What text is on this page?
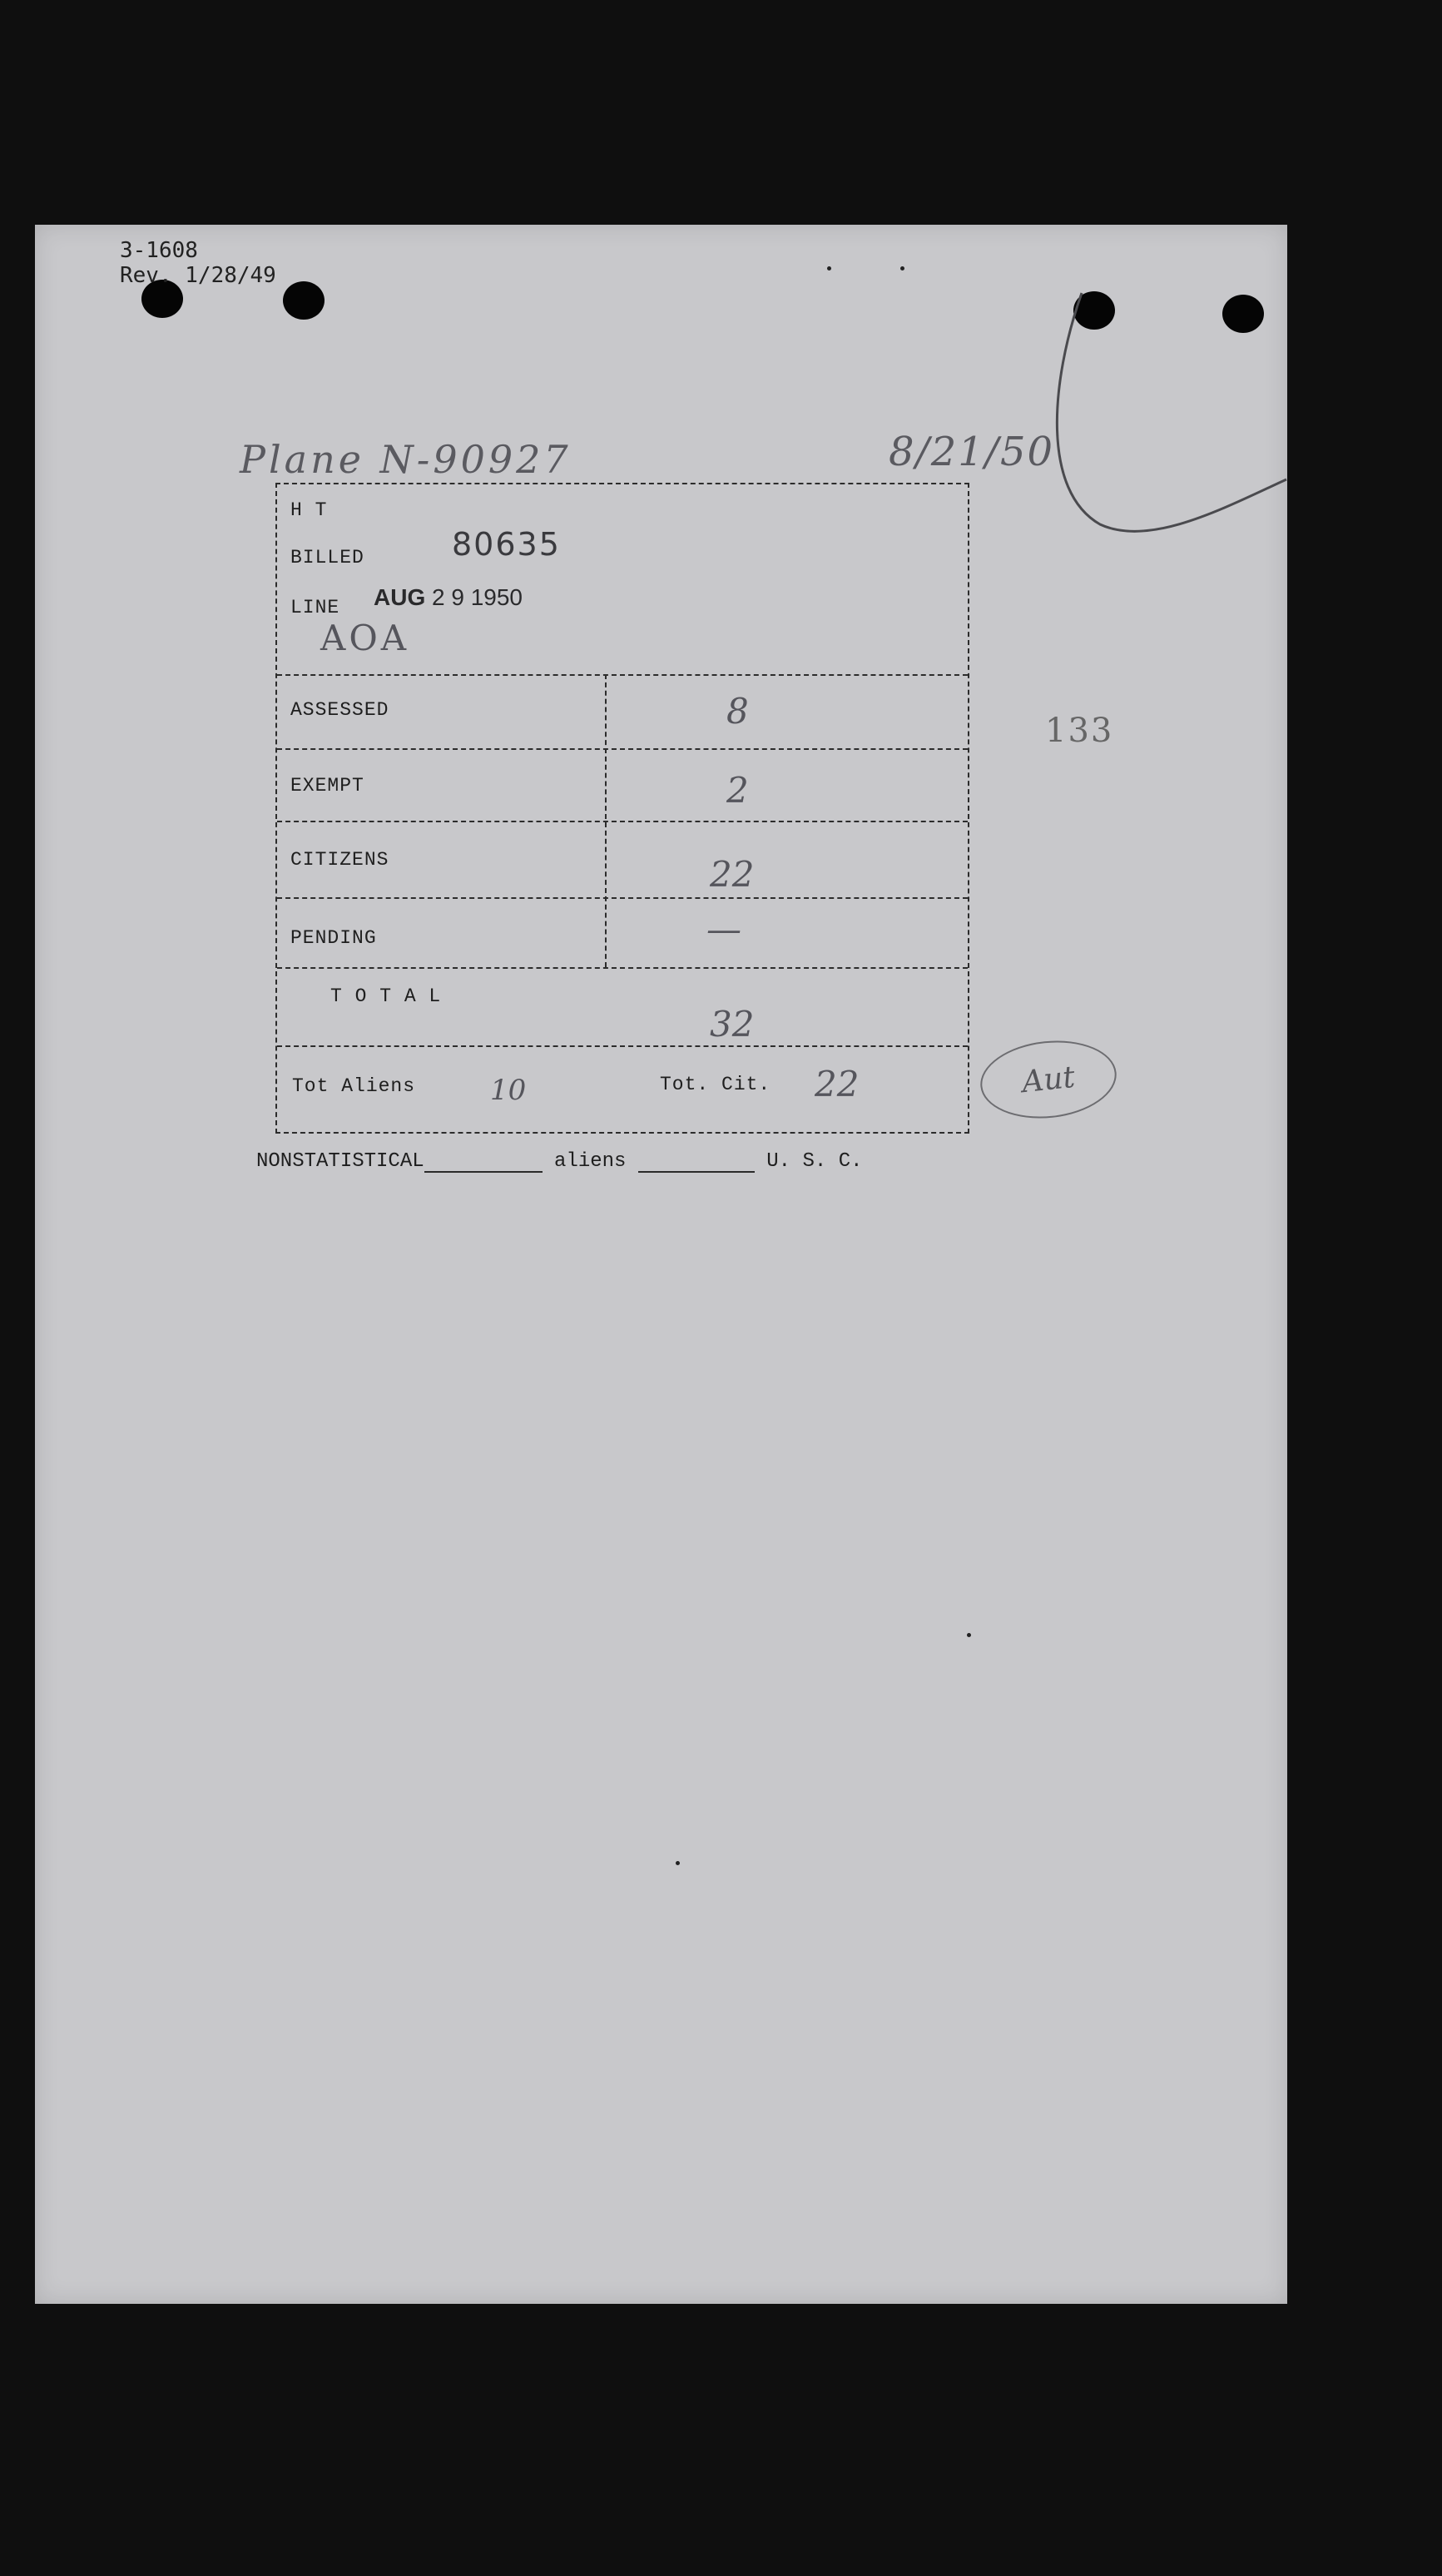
3-1608
Rev. 1/28/49
Plane N-90927	8/21/50
133
H T
BILLED	80635
LINE AUG 2 9 1950
AOA
ASSESSED	8
EXEMPT	2
CITIZENS	22
PENDING	—
T O T A L
32
Tot Aliens	10	Tot. Cit. 22	Aut
NONSTATISTICAL	aliens	U. S. C.
